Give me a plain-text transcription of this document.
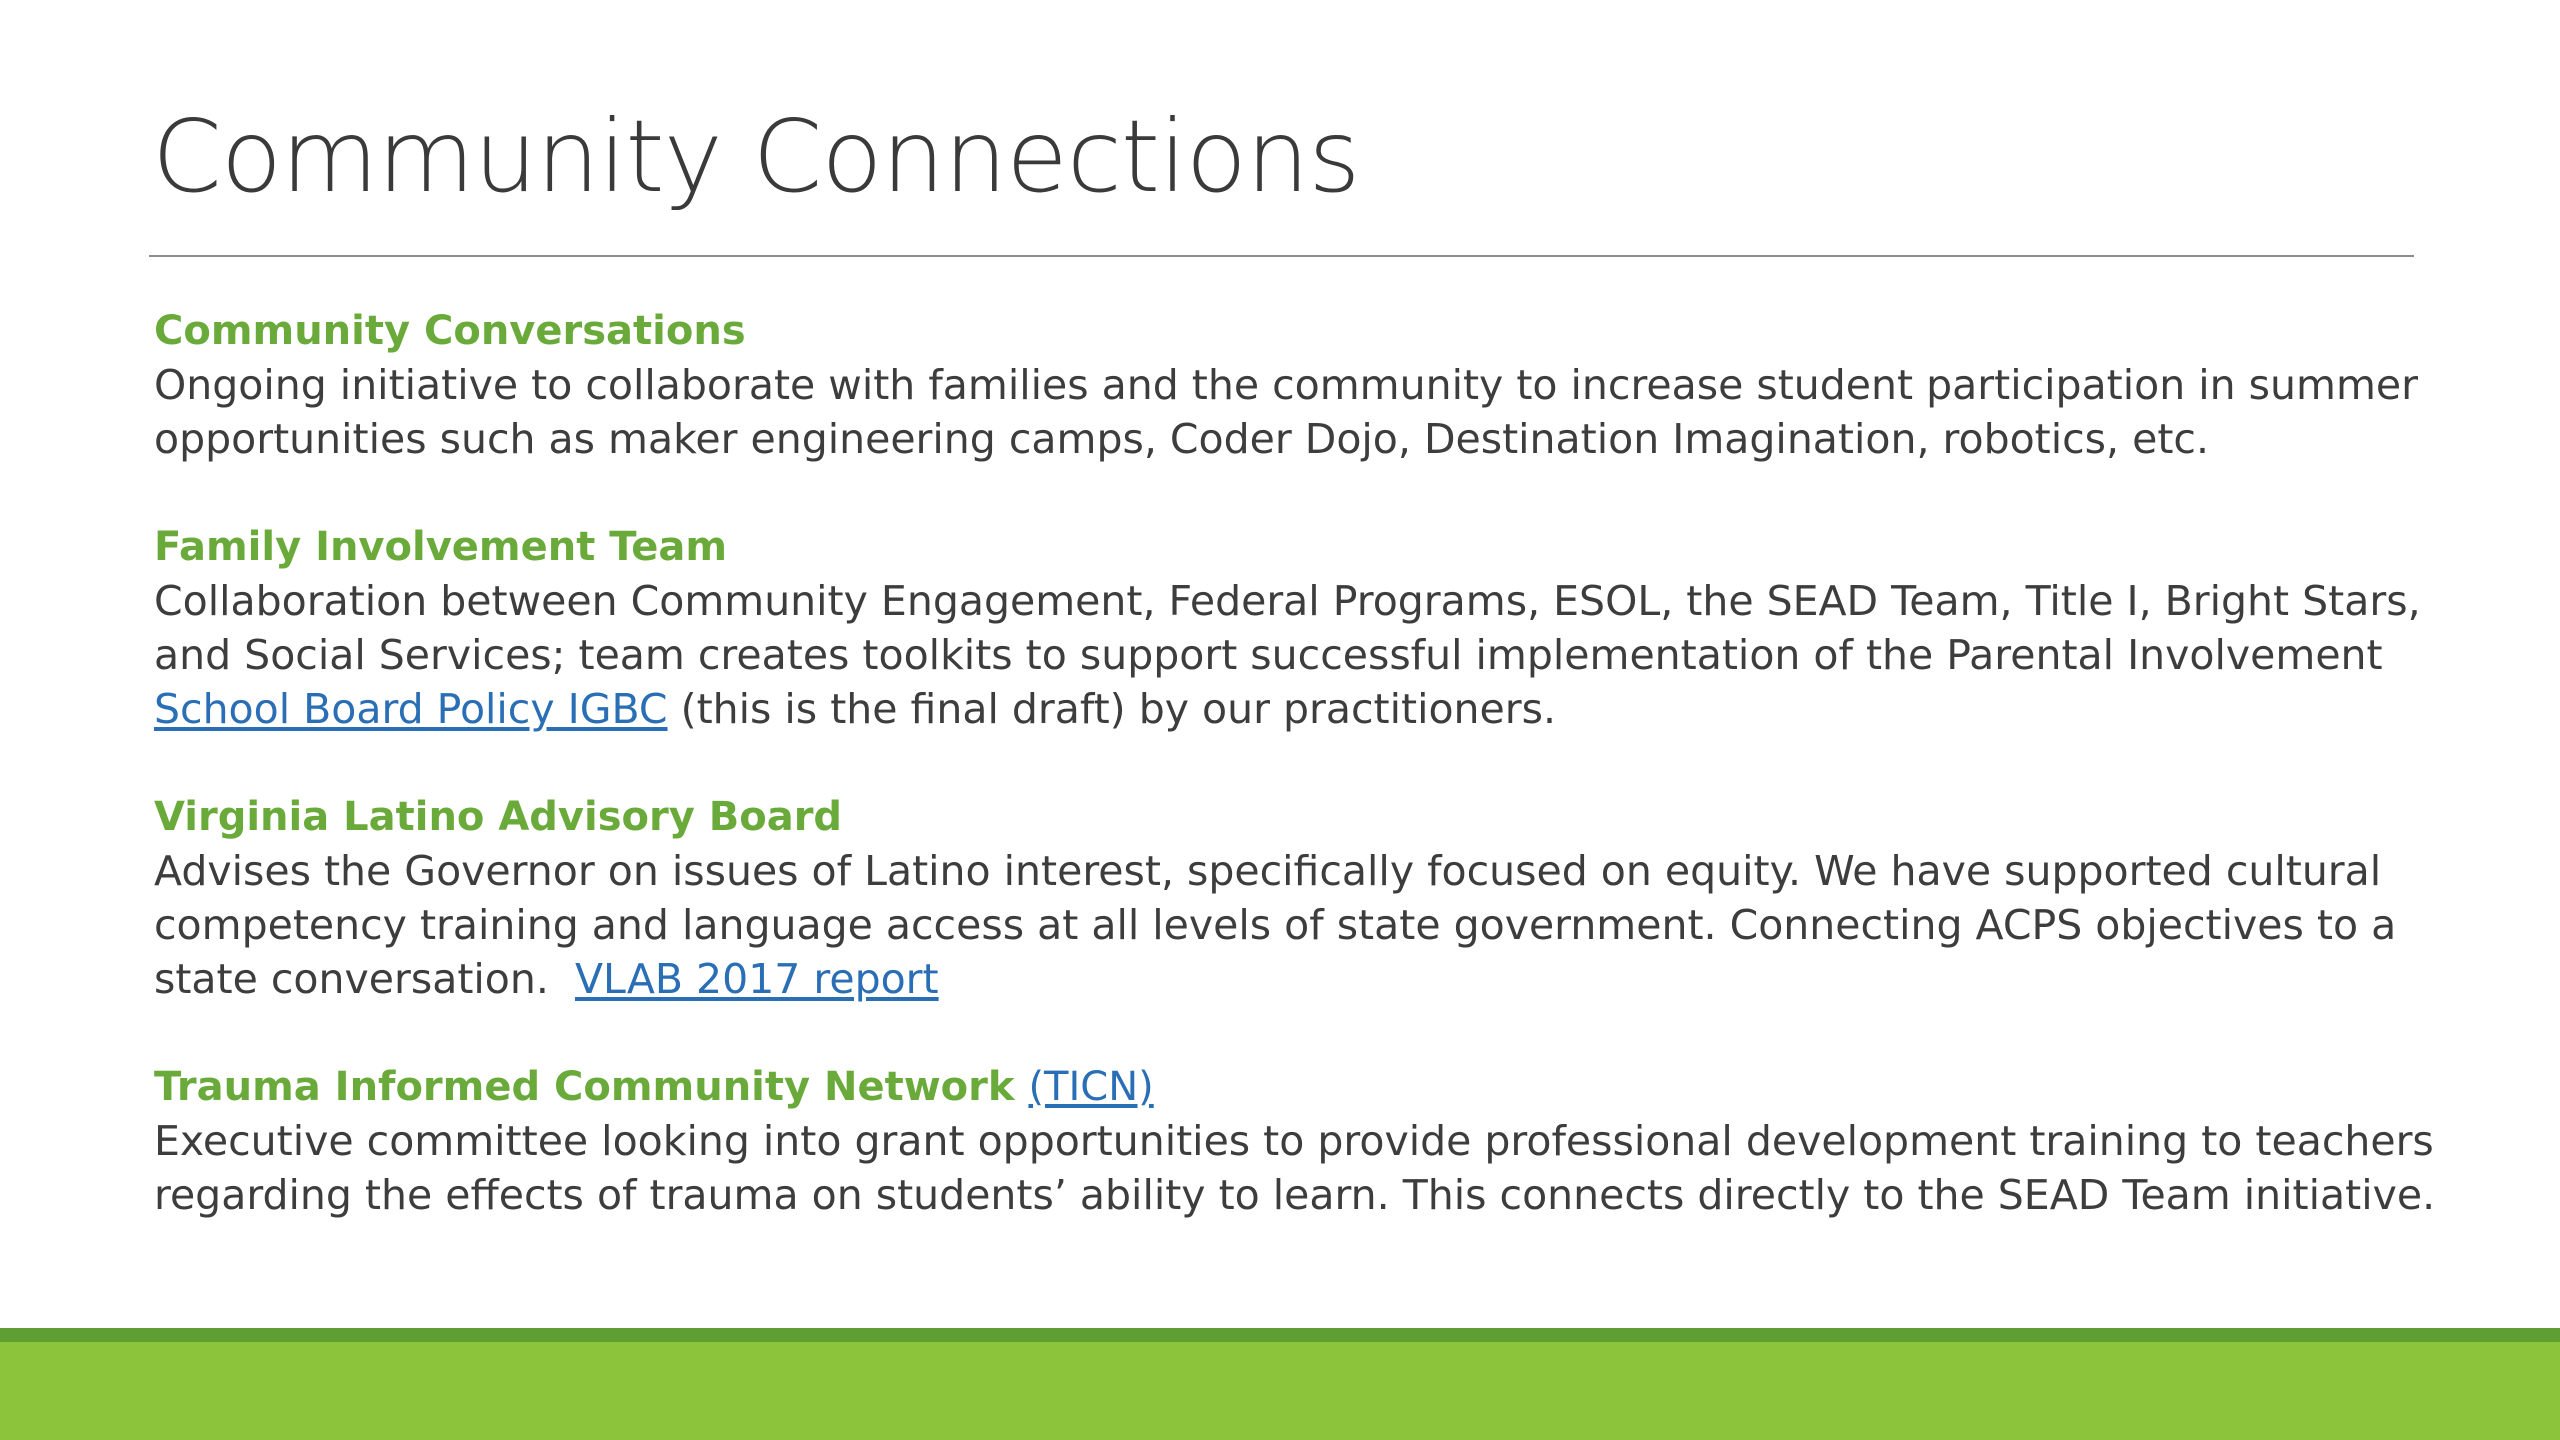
Community Connections

Community Conversations

Ongoing initiative to collaborate with families and the community to increase student participation in summer
opportunities such as maker engineering camps, Coder Dojo, Destination Imagination, robotics, etc.

Family Involvement Team

Collaboration between Community Engagement, Federal Programs, ESOL, the SEAD Team, Title I, Bright Stars,
and Social Services; team creates toolkits to support successful implementation of the Parental Involvement
School Board Policy IGBC (this is the final draft) by our practitioners.

Virginia Latino Advisory Board

Advises the Governor on issues of Latino interest, specifically focused on equity. We have supported cultural
competency training and language access at all levels of state government. Connecting ACPS objectives to a
state conversation.  VLAB 2017 report

Trauma Informed Community Network (TICN)

Executive committee looking into grant opportunities to provide professional development training to teachers
regarding the effects of trauma on students’ ability to learn. This connects directly to the SEAD Team initiative.
